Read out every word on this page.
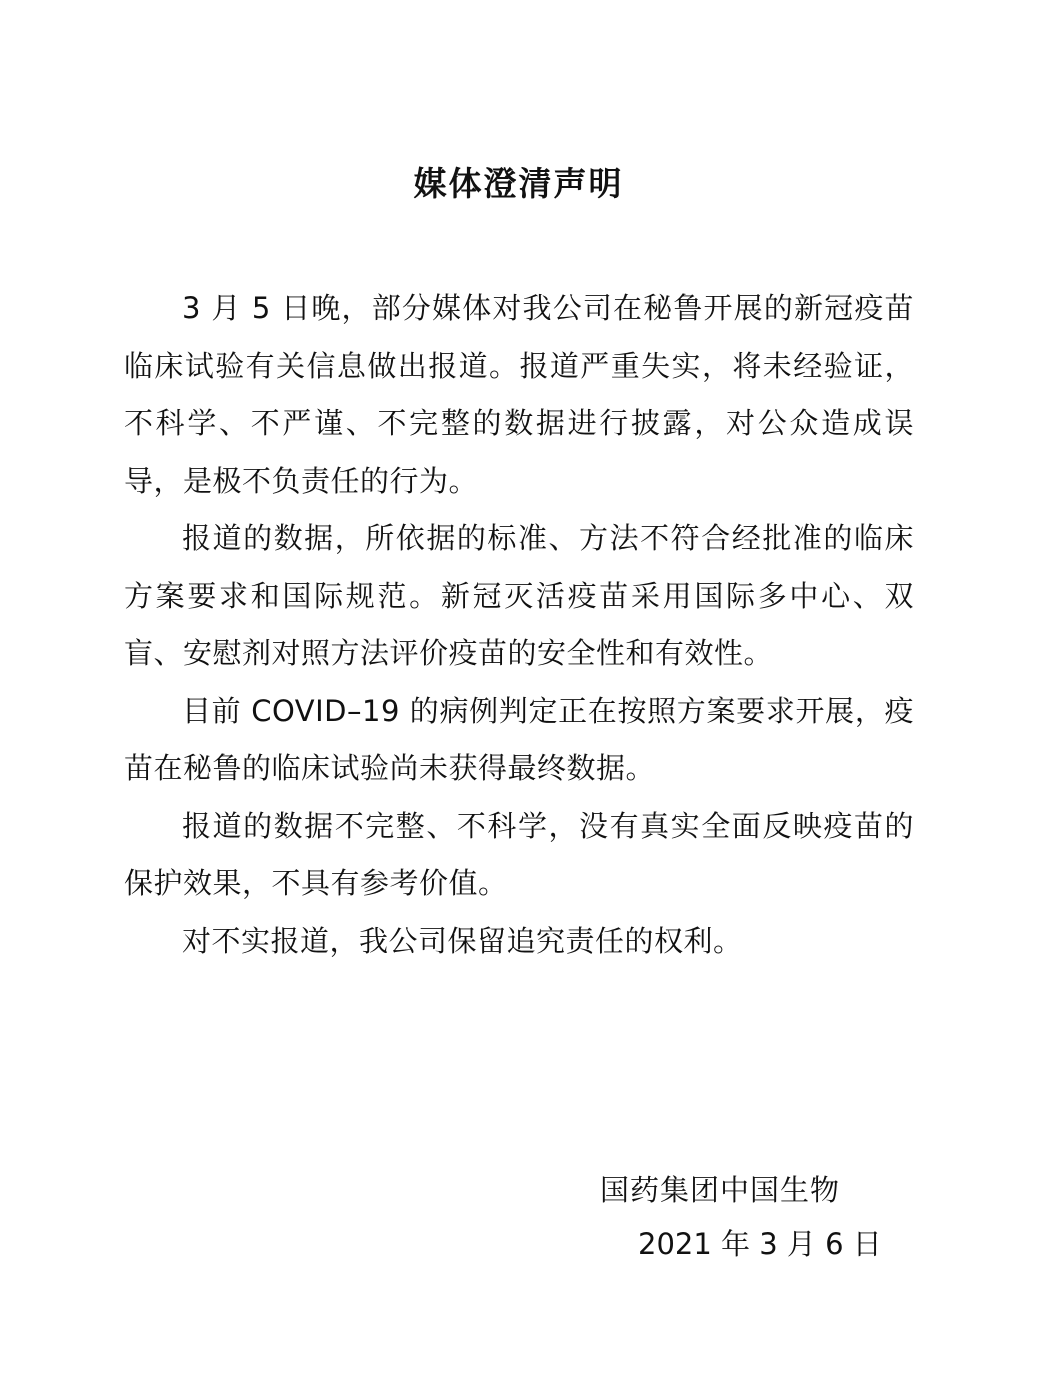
媒体澄清声明

3 月 5 日晚，部分媒体对我公司在秘鲁开展的新冠疫苗临床试验有关信息做出报道。报道严重失实，将未经验证，不科学、不严谨、不完整的数据进行披露，对公众造成误导，是极不负责任的行为。

报道的数据，所依据的标准、方法不符合经批准的临床方案要求和国际规范。新冠灭活疫苗采用国际多中心、双盲、安慰剂对照方法评价疫苗的安全性和有效性。

目前 COVID–19 的病例判定正在按照方案要求开展，疫苗在秘鲁的临床试验尚未获得最终数据。

报道的数据不完整、不科学，没有真实全面反映疫苗的保护效果，不具有参考价值。

对不实报道，我公司保留追究责任的权利。

国药集团中国生物
2021 年 3 月 6 日
